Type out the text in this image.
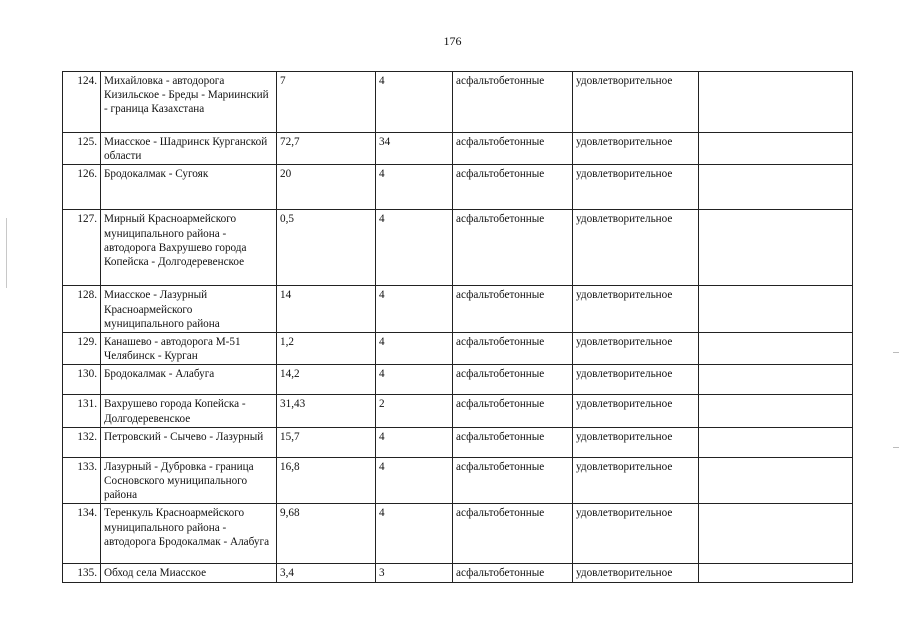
176
124.	Михайловка - автодорога Кизильское - Бреды - Мариинский - граница Казахстана	7	4	асфальтобетонные	удовлетворительное	
125.	Миасское - Шадринск Курганской области	72,7	34	асфальтобетонные	удовлетворительное	
126.	Бродокалмак - Сугояк	20	4	асфальтобетонные	удовлетворительное	
127.	Мирный Красноармейского муниципального района - автодорога Вахрушево города Копейска - Долгодеревенское	0,5	4	асфальтобетонные	удовлетворительное	
128.	Миасское - Лазурный Красноармейского муниципального района	14	4	асфальтобетонные	удовлетворительное	
129.	Канашево - автодорога М-51 Челябинск - Курган	1,2	4	асфальтобетонные	удовлетворительное	
130.	Бродокалмак - Алабуга	14,2	4	асфальтобетонные	удовлетворительное	
131.	Вахрушево города Копейска - Долгодеревенское	31,43	2	асфальтобетонные	удовлетворительное	
132.	Петровский - Сычево - Лазурный	15,7	4	асфальтобетонные	удовлетворительное	
133.	Лазурный - Дубровка - граница Сосновского муниципального района	16,8	4	асфальтобетонные	удовлетворительное	
134.	Теренкуль Красноармейского муниципального района - автодорога Бродокалмак - Алабуга	9,68	4	асфальтобетонные	удовлетворительное	
135.	Обход села Миасское	3,4	3	асфальтобетонные	удовлетворительное	
